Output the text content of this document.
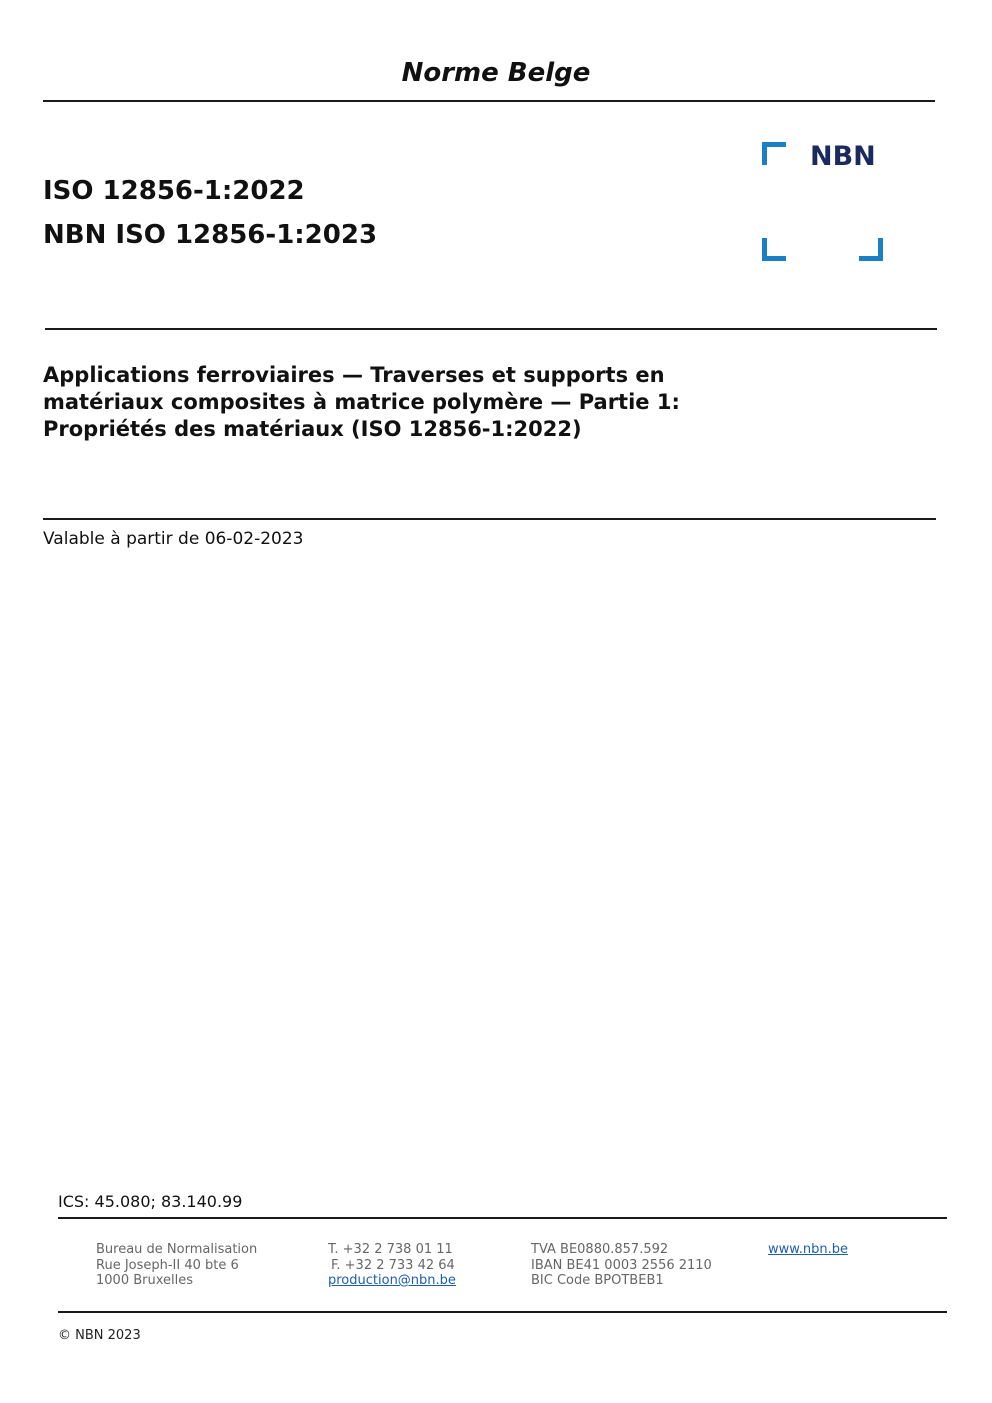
Norme Belge
ISO 12856-1:2022
NBN ISO 12856-1:2023
NBN
Applications ferroviaires — Traverses et supports en
matériaux composites à matrice polymère — Partie 1:
Propriétés des matériaux (ISO 12856-1:2022)
Valable à partir de 06-02-2023
ICS: 45.080; 83.140.99
Bureau de Normalisation
Rue Joseph-II 40 bte 6
1000 Bruxelles
T. +32 2 738 01 11
F. +32 2 733 42 64
production@nbn.be
TVA BE0880.857.592
IBAN BE41 0003 2556 2110
BIC Code BPOTBEB1
www.nbn.be
© NBN 2023
